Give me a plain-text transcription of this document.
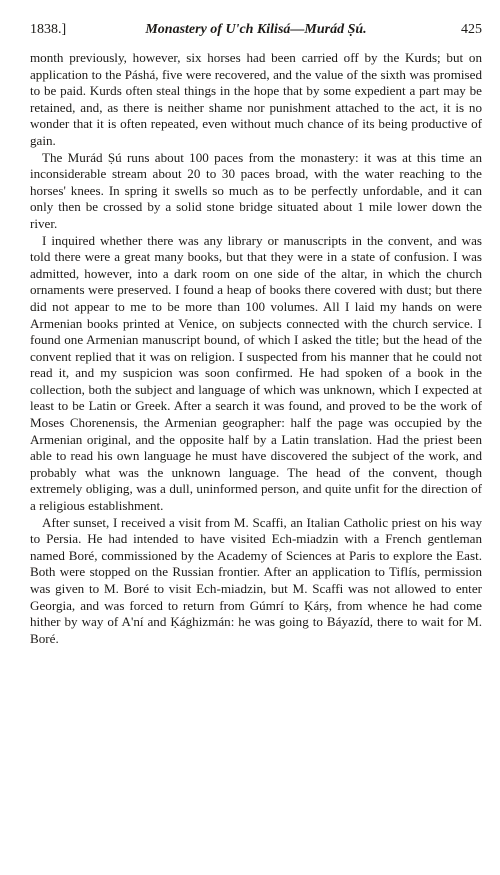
1838.]	Monastery of U'ch Kilisá—Murád Ṣú.	425

month previously, however, six horses had been carried off by the Kurds; but on application to the Páshá, five were recovered, and the value of the sixth was promised to be paid. Kurds often steal things in the hope that by some expedient a part may be retained, and, as there is neither shame nor punishment attached to the act, it is no wonder that it is often repeated, even without much chance of its being productive of gain.

The Murád Ṣú runs about 100 paces from the monastery: it was at this time an inconsiderable stream about 20 to 30 paces broad, with the water reaching to the horses' knees. In spring it swells so much as to be perfectly unfordable, and it can only then be crossed by a solid stone bridge situated about 1 mile lower down the river.

I inquired whether there was any library or manuscripts in the convent, and was told there were a great many books, but that they were in a state of confusion. I was admitted, however, into a dark room on one side of the altar, in which the church ornaments were preserved. I found a heap of books there covered with dust; but there did not appear to me to be more than 100 volumes. All I laid my hands on were Armenian books printed at Venice, on subjects connected with the church service. I found one Armenian manuscript bound, of which I asked the title; but the head of the convent replied that it was on religion. I suspected from his manner that he could not read it, and my suspicion was soon confirmed. He had spoken of a book in the collection, both the subject and language of which was unknown, which I expected at least to be Latin or Greek. After a search it was found, and proved to be the work of Moses Chorenensis, the Armenian geographer: half the page was occupied by the Armenian original, and the opposite half by a Latin translation. Had the priest been able to read his own language he must have discovered the subject of the work, and probably what was the unknown language. The head of the convent, though extremely obliging, was a dull, uninformed person, and quite unfit for the direction of a religious establishment.

After sunset, I received a visit from M. Scaffi, an Italian Catholic priest on his way to Persia. He had intended to have visited Ech-miadzin with a French gentleman named Boré, commissioned by the Academy of Sciences at Paris to explore the East. Both were stopped on the Russian frontier. After an application to Tiflís, permission was given to M. Boré to visit Ech-miadzin, but M. Scaffi was not allowed to enter Georgia, and was forced to return from Gúmrí to Ḳárṣ, from whence he had come hither by way of A'ní and Ḳághizmán: he was going to Báyazíd, there to wait for M. Boré.
